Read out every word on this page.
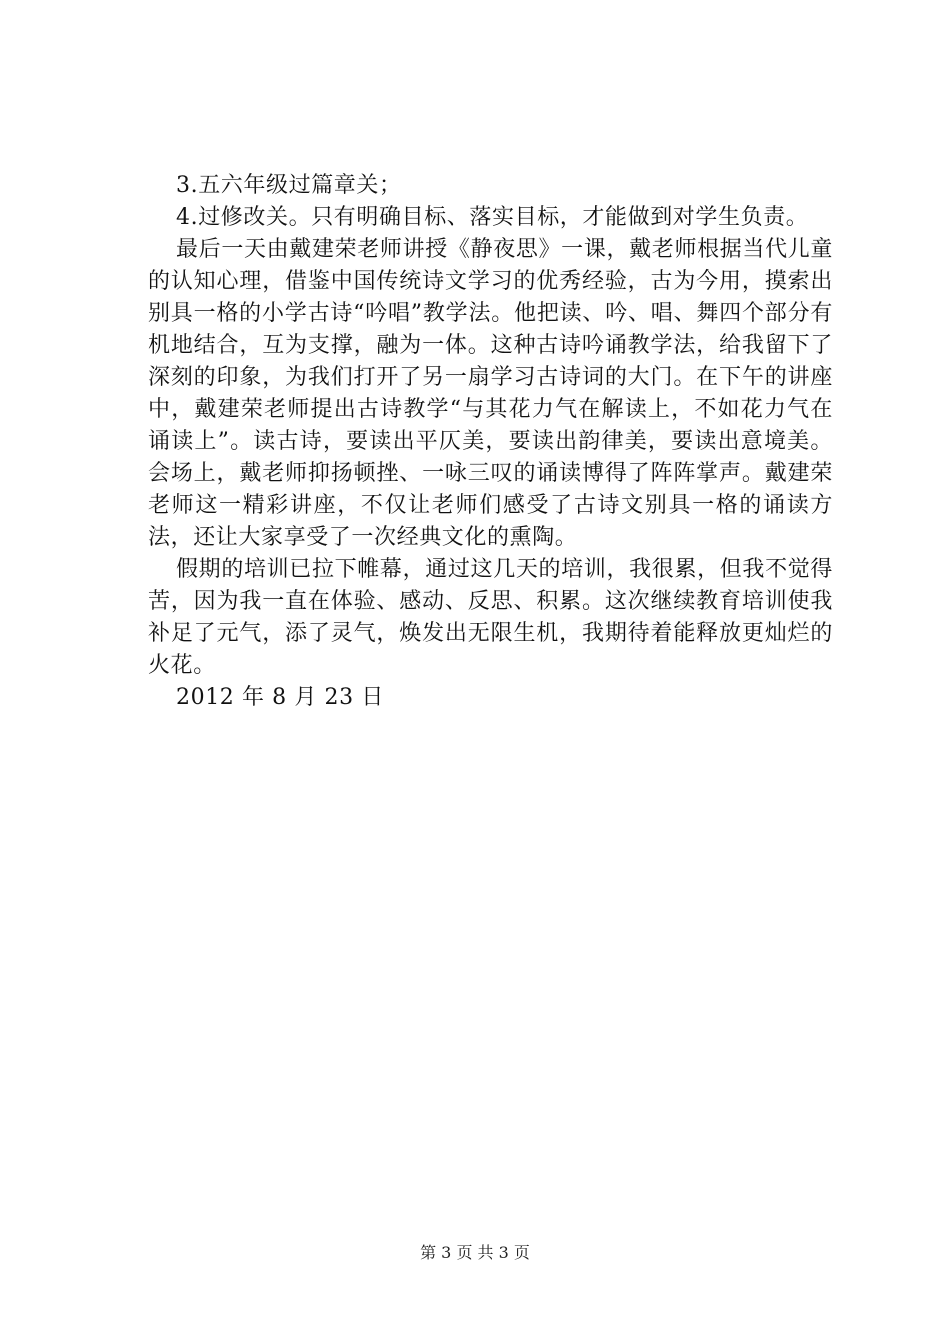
3.五六年级过篇章关；

4.过修改关。只有明确目标、落实目标，才能做到对学生负责。

最后一天由戴建荣老师讲授《静夜思》一课，戴老师根据当代儿童的认知心理，借鉴中国传统诗文学习的优秀经验，古为今用，摸索出别具一格的小学古诗“吟唱”教学法。他把读、吟、唱、舞四个部分有机地结合，互为支撑，融为一体。这种古诗吟诵教学法，给我留下了深刻的印象，为我们打开了另一扇学习古诗词的大门。在下午的讲座中，戴建荣老师提出古诗教学“与其花力气在解读上，不如花力气在诵读上”。读古诗，要读出平仄美，要读出韵律美，要读出意境美。会场上，戴老师抑扬顿挫、一咏三叹的诵读博得了阵阵掌声。戴建荣老师这一精彩讲座，不仅让老师们感受了古诗文别具一格的诵读方法，还让大家享受了一次经典文化的熏陶。

假期的培训已拉下帷幕，通过这几天的培训，我很累，但我不觉得苦，因为我一直在体验、感动、反思、积累。这次继续教育培训使我补足了元气，添了灵气，焕发出无限生机，我期待着能释放更灿烂的火花。

2012 年 8 月 23 日

第 3 页 共 3 页
